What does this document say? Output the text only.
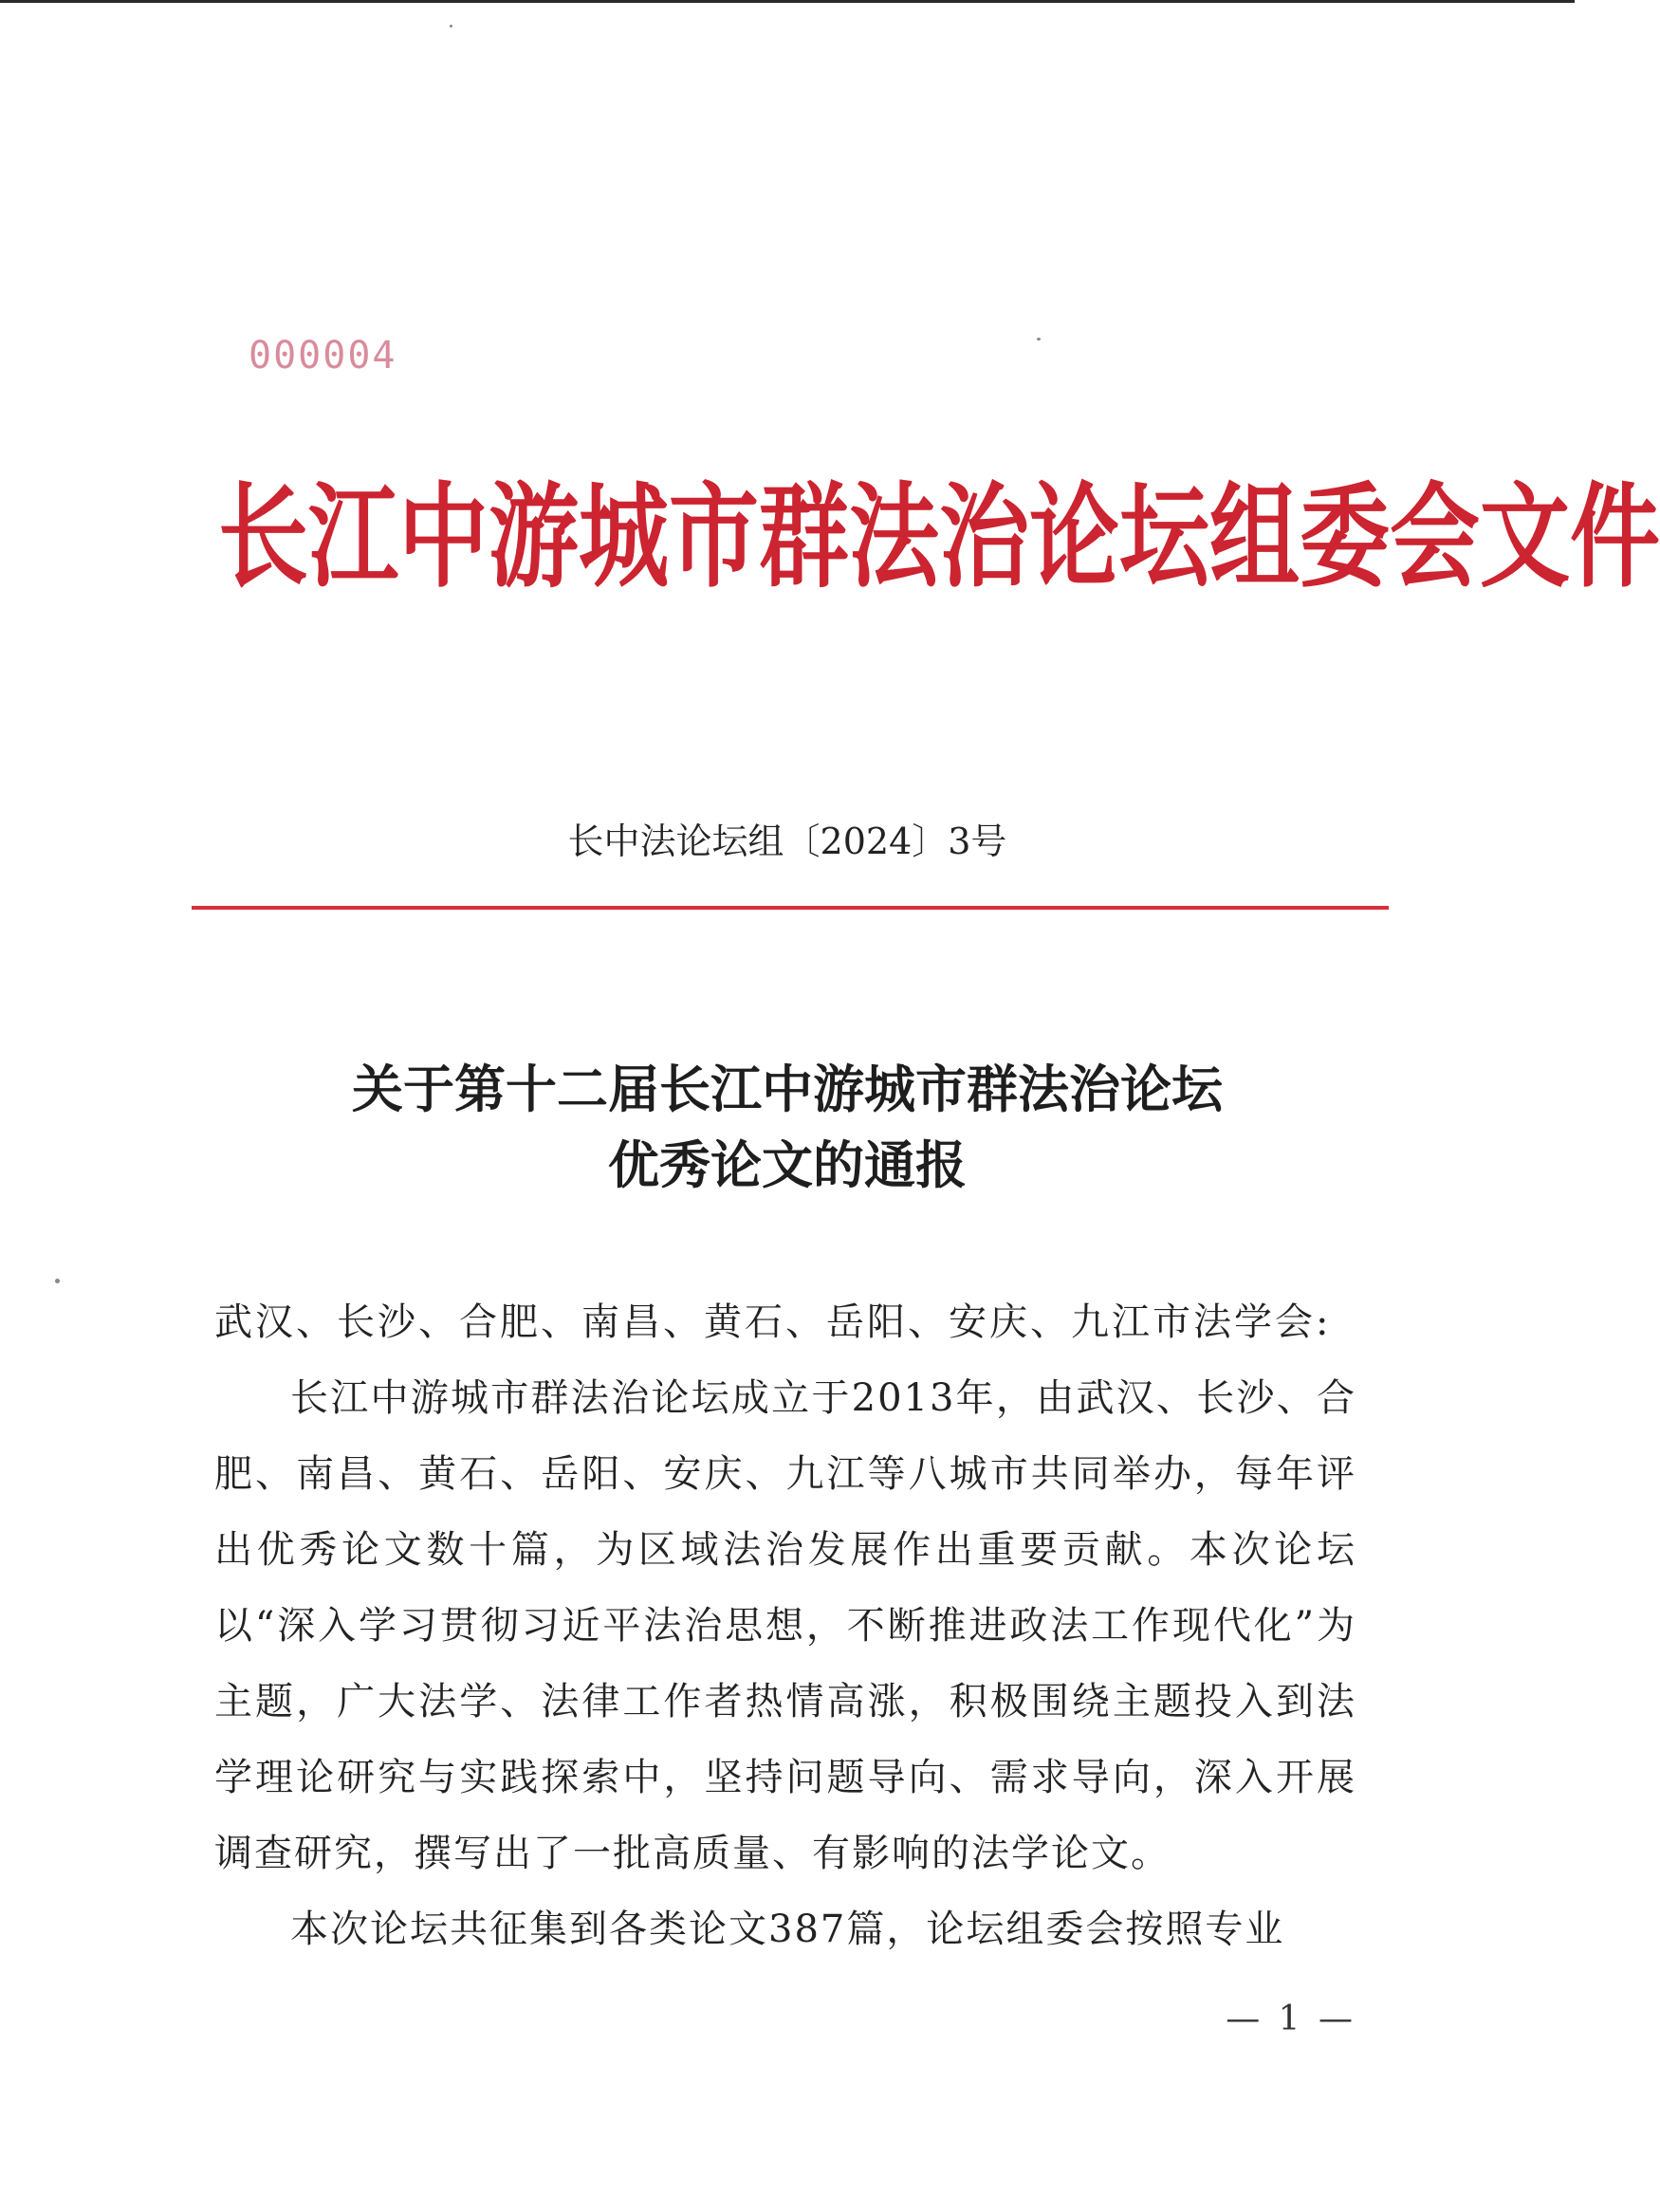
000004
长江中游城市群法治论坛组委会文件
长中法论坛组〔2024〕3号
关于第十二届长江中游城市群法治论坛
优秀论文的通报

武汉、长沙、合肥、南昌、黄石、岳阳、安庆、九江市法学会:

长江中游城市群法治论坛成立于2013年，由武汉、长沙、合肥、南昌、黄石、岳阳、安庆、九江等八城市共同举办，每年评出优秀论文数十篇，为区域法治发展作出重要贡献。本次论坛以“深入学习贯彻习近平法治思想，不断推进政法工作现代化”为主题，广大法学、法律工作者热情高涨，积极围绕主题投入到法学理论研究与实践探索中，坚持问题导向、需求导向，深入开展调查研究，撰写出了一批高质量、有影响的法学论文。

本次论坛共征集到各类论文387篇，论坛组委会按照专业

— 1 —
